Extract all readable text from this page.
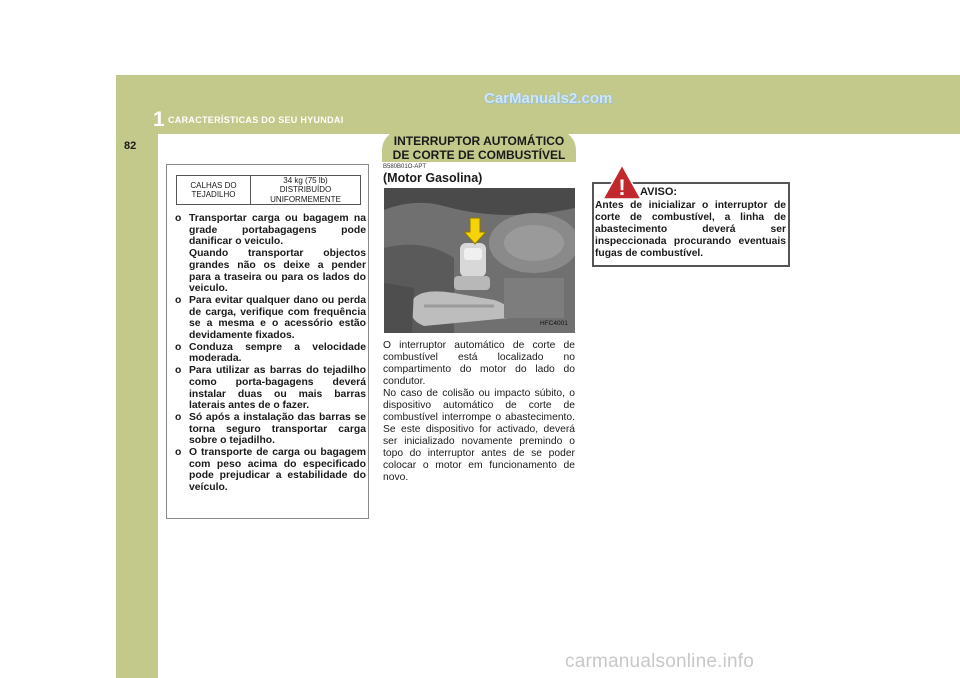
1 CARACTERÍSTICAS DO SEU HYUNDAI
82
CarManuals2.com
INTERRUPTOR AUTOMÁTICO
DE CORTE DE COMBUSTÍVEL
CALHAS DO
TEJADILHO
34 kg (75 lb)
DISTRIBUÍDO
UNIFORMEMENTE
o Transportar carga ou bagagem na grade portabagagens pode danificar o veiculo.
Quando transportar objectos grandes não os deixe a pender para a traseira ou para os lados do veiculo.
o Para evitar qualquer dano ou perda de carga, verifique com frequência se a mesma e o acessório estão devidamente fixados.
o Conduza sempre a velocidade moderada.
o Para utilizar as barras do tejadilho como porta-bagagens deverá instalar duas ou mais barras laterais antes de o fazer.
o Só após a instalação das barras se torna seguro transportar carga sobre o tejadilho.
o O transporte de carga ou bagagem com peso acima do especificado pode prejudicar a estabilidade do veículo.
B580B01O-APT
(Motor Gasolina)
HFC4001

O interruptor automático de corte de combustível está localizado no compartimento do motor do lado do condutor.

No caso de colisão ou impacto súbito, o dispositivo automático de corte de combustível interrompe o abastecimento. Se este dispositivo for activado, deverá ser inicializado novamente premindo o topo do interruptor antes de se poder colocar o motor em funcionamento de novo.

! AVISO:

Antes de inicializar o interruptor de corte de combustível, a linha de abastecimento deverá ser inspeccionada procurando eventuais fugas de combustível.

carmanualsonline.info
